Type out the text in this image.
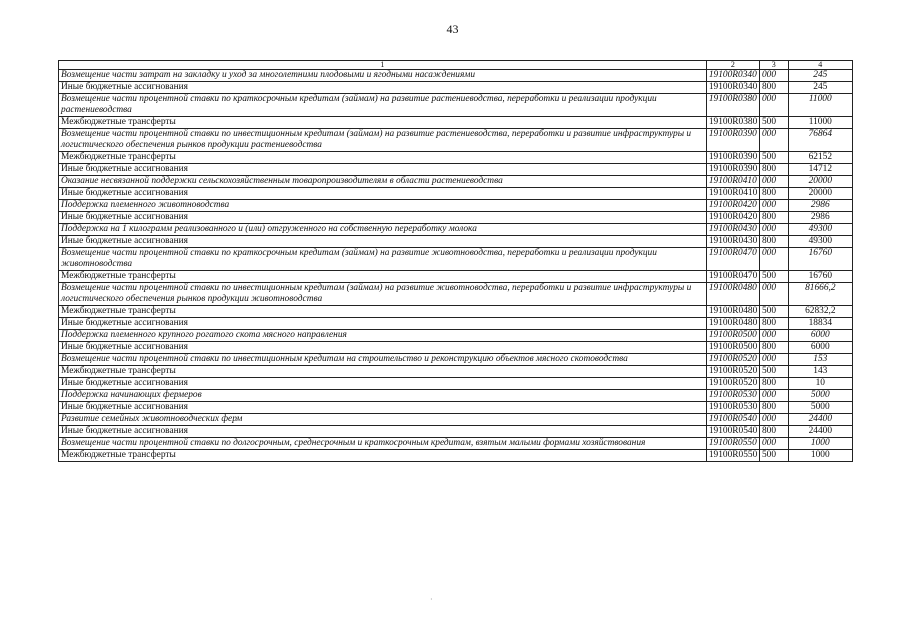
43
1	2	3	4
Возмещение части затрат на закладку и уход за многолетними плодовыми и ягодными насаждениями	19100R0340	000	245
Иные бюджетные ассигнования	19100R0340	800	245
Возмещение части процентной ставки по краткосрочным кредитам (займам) на развитие растениеводства, переработки и реализации продукции растениеводства	19100R0380	000	11000
Межбюджетные трансферты	19100R0380	500	11000
Возмещение части процентной ставки по инвестиционным кредитам (займам) на развитие растениеводства, переработки и развитие инфраструктуры и логистического обеспечения рынков продукции растениеводства	19100R0390	000	76864
Межбюджетные трансферты	19100R0390	500	62152
Иные бюджетные ассигнования	19100R0390	800	14712
Оказание несвязанной поддержки сельскохозяйственным товаропроизводителям в области растениеводства	19100R0410	000	20000
Иные бюджетные ассигнования	19100R0410	800	20000
Поддержка племенного животноводства	19100R0420	000	2986
Иные бюджетные ассигнования	19100R0420	800	2986
Поддержка на 1 килограмм реализованного и (или) отгруженного на собственную переработку молока	19100R0430	000	49300
Иные бюджетные ассигнования	19100R0430	800	49300
Возмещение части процентной ставки по краткосрочным кредитам (займам) на развитие животноводства, переработки и реализации продукции животноводства	19100R0470	000	16760
Межбюджетные трансферты	19100R0470	500	16760
Возмещение части процентной ставки по инвестиционным кредитам (займам) на развитие животноводства, переработки и развитие инфраструктуры и логистического обеспечения рынков продукции животноводства	19100R0480	000	81666,2
Межбюджетные трансферты	19100R0480	500	62832,2
Иные бюджетные ассигнования	19100R0480	800	18834
Поддержка племенного крупного рогатого скота мясного направления	19100R0500	000	6000
Иные бюджетные ассигнования	19100R0500	800	6000
Возмещение части процентной ставки по инвестиционным кредитам на строительство и реконструкцию объектов мясного скотоводства	19100R0520	000	153
Межбюджетные трансферты	19100R0520	500	143
Иные бюджетные ассигнования	19100R0520	800	10
Поддержка начинающих фермеров	19100R0530	000	5000
Иные бюджетные ассигнования	19100R0530	800	5000
Развитие семейных животноводческих ферм	19100R0540	000	24400
Иные бюджетные ассигнования	19100R0540	800	24400
Возмещение части процентной ставки по долгосрочным, среднесрочным и краткосрочным кредитам, взятым малыми формами хозяйствования	19100R0550	000	1000
Межбюджетные трансферты	19100R0550	500	1000
·
